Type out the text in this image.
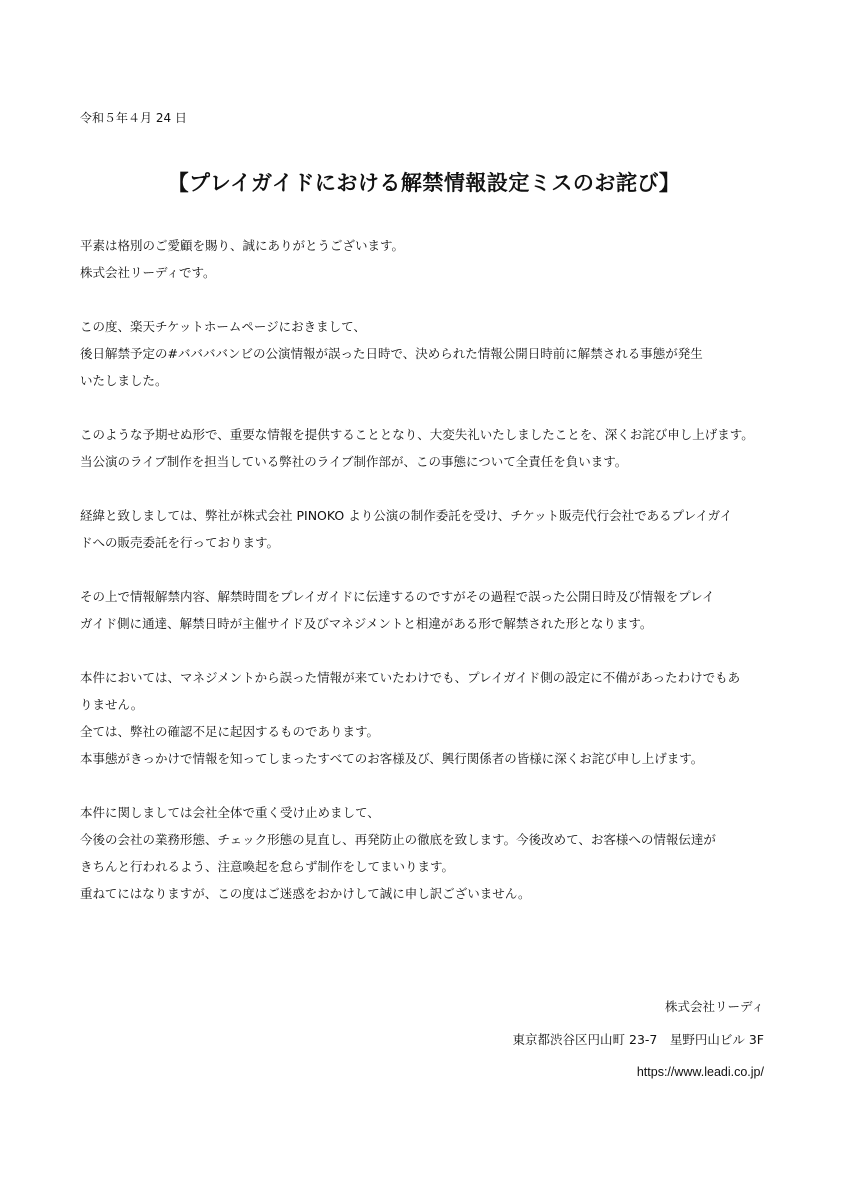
令和５年４月 24 日
【プレイガイドにおける解禁情報設定ミスのお詫び】
平素は格別のご愛顧を賜り、誠にありがとうございます。
株式会社リーディです。
この度、楽天チケットホームページにおきまして、
後日解禁予定の#ババババンビの公演情報が誤った日時で、決められた情報公開日時前に解禁される事態が発生
いたしました。
このような予期せぬ形で、重要な情報を提供することとなり、大変失礼いたしましたことを、深くお詫び申し上げます。
当公演のライブ制作を担当している弊社のライブ制作部が、この事態について全責任を負います。
経緯と致しましては、弊社が株式会社 PINOKO より公演の制作委託を受け、チケット販売代行会社であるプレイガイ
ドへの販売委託を行っております。
その上で情報解禁内容、解禁時間をプレイガイドに伝達するのですがその過程で誤った公開日時及び情報をプレイ
ガイド側に通達、解禁日時が主催サイド及びマネジメントと相違がある形で解禁された形となります。
本件においては、マネジメントから誤った情報が来ていたわけでも、プレイガイド側の設定に不備があったわけでもあ
りません。
全ては、弊社の確認不足に起因するものであります。
本事態がきっかけで情報を知ってしまったすべてのお客様及び、興行関係者の皆様に深くお詫び申し上げます。
本件に関しましては会社全体で重く受け止めまして、
今後の会社の業務形態、チェック形態の見直し、再発防止の徹底を致します。今後改めて、お客様への情報伝達が
きちんと行われるよう、注意喚起を怠らず制作をしてまいります。
重ねてにはなりますが、この度はご迷惑をおかけして誠に申し訳ございません。
株式会社リーディ
東京都渋谷区円山町 23-7　星野円山ビル 3F
https://www.leadi.co.jp/
